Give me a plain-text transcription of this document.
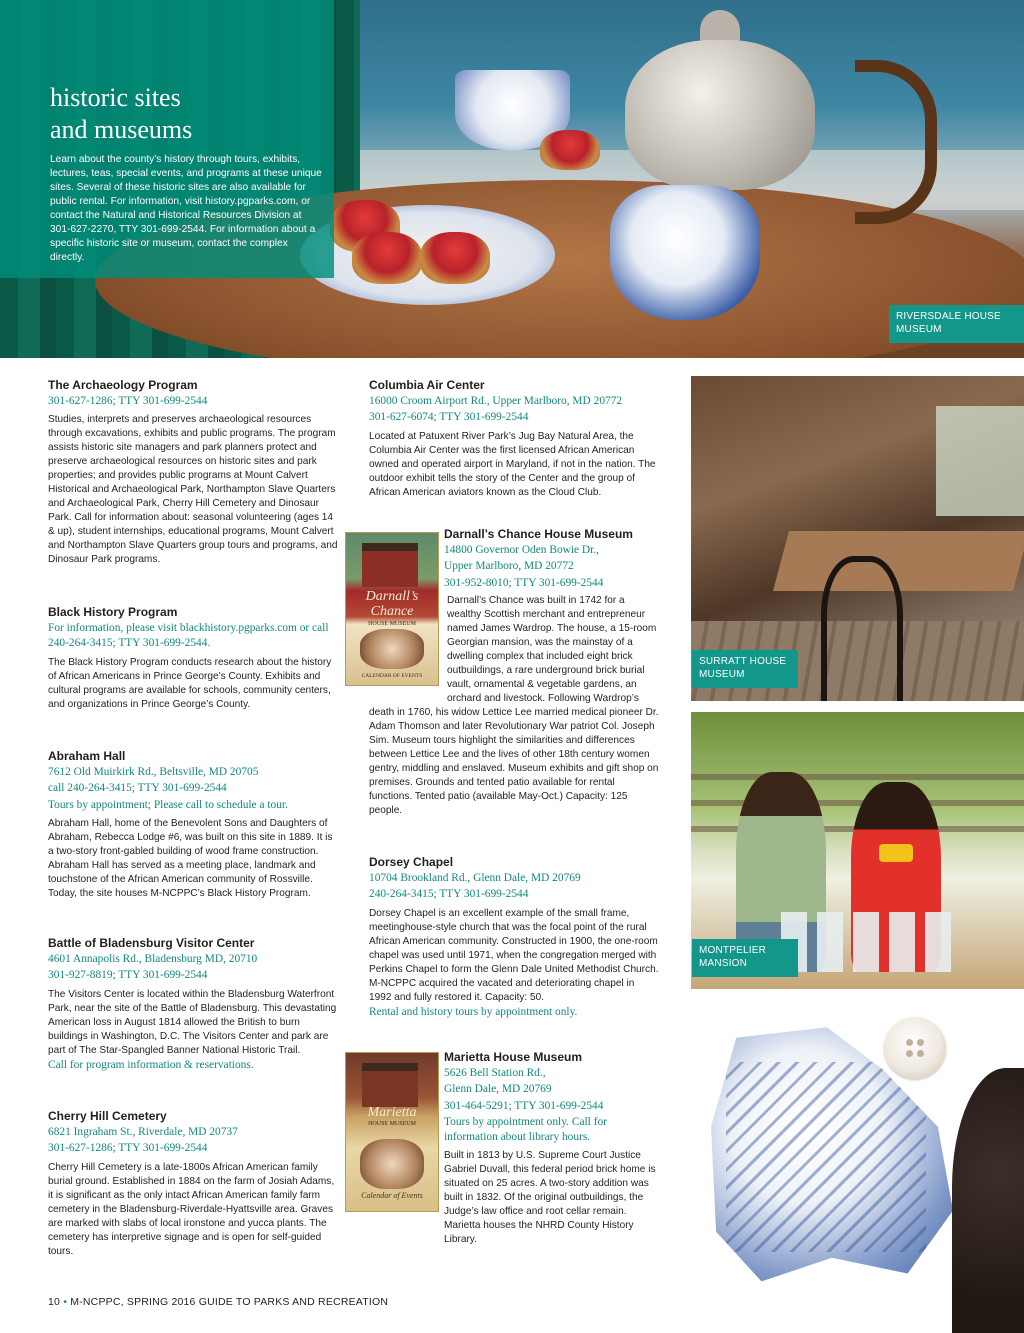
historic sites
and museums

Learn about the county’s history through tours, exhibits, lectures, teas, special events, and programs at these unique sites. Several of these historic sites are also available for public rental. For information, visit history.pgparks.com, or contact the Natural and Historical Resources Division at 301-627-2270, TTY 301-699-2544. For information about a specific historic site or museum, contact the complex directly.

RIVERSDALE HOUSE
MUSEUM
The Archaeology Program
301-627-1286; TTY 301-699-2544
Studies, interprets and preserves archaeological resources through excavations, exhibits and public programs. The program assists historic site managers and park planners protect and preserve archaeological resources on historic sites and park properties; and provides public programs at Mount Calvert Historical and Archaeological Park, Northampton Slave Quarters and Archaeological Park, Cherry Hill Cemetery and Dinosaur Park. Call for information about: seasonal volunteering (ages 14 & up), student internships, educational programs, Mount Calvert and Northampton Slave Quarters group tours and programs, and Dinosaur Park programs.
Black History Program
For information, please visit blackhistory.pgparks.com or call 240-264-3415; TTY 301-699-2544.
The Black History Program conducts research about the history of African Americans in Prince George’s County. Exhibits and cultural programs are available for schools, community centers, and organizations in Prince George’s County.
Abraham Hall
7612 Old Muirkirk Rd., Beltsville, MD 20705
call 240-264-3415; TTY 301-699-2544
Tours by appointment; Please call to schedule a tour.
Abraham Hall, home of the Benevolent Sons and Daughters of Abraham, Rebecca Lodge #6, was built on this site in 1889. It is a two-story front-gabled building of wood frame construction. Abraham Hall has served as a meeting place, landmark and touchstone of the African American community of Rossville. Today, the site houses M-NCPPC’s Black History Program.
Battle of Bladensburg Visitor Center
4601 Annapolis Rd., Bladensburg MD, 20710
301-927-8819; TTY 301-699-2544
The Visitors Center is located within the Bladensburg Waterfront Park, near the site of the Battle of Bladensburg. This devastating American loss in August 1814 allowed the British to burn buildings in Washington, D.C. The Visitors Center and park are part of The Star-Spangled Banner National Historic Trail.
Call for program information & reservations.
Cherry Hill Cemetery
6821 Ingraham St., Riverdale, MD 20737
301-627-1286; TTY 301-699-2544
Cherry Hill Cemetery is a late-1800s African American family burial ground. Established in 1884 on the farm of Josiah Adams, it is significant as the only intact African American family farm cemetery in the Bladensburg-Riverdale-Hyattsville area. Graves are marked with slabs of local ironstone and yucca plants. The cemetery has interpretive signage and is open for self-guided tours.
Columbia Air Center
16000 Croom Airport Rd., Upper Marlboro, MD 20772
301-627-6074; TTY 301-699-2544
Located at Patuxent River Park’s Jug Bay Natural Area, the Columbia Air Center was the first licensed African American owned and operated airport in Maryland, if not in the nation. The outdoor exhibit tells the story of the Center and the group of African American aviators known as the Cloud Club.
Darnall’s
Chance
HOUSE MUSEUM
CALENDAR OF EVENTS
Darnall’s Chance House Museum
14800 Governor Oden Bowie Dr.,
Upper Marlboro, MD 20772
301-952-8010; TTY 301-699-2544
Darnall’s Chance was built in 1742 for a wealthy Scottish merchant and entrepreneur named James Wardrop. The house, a 15-room Georgian mansion, was the mainstay of a dwelling complex that included eight brick outbuildings, a rare underground brick burial vault, ornamental & vegetable gardens, an orchard and livestock. Following Wardrop’s death in 1760, his widow Lettice Lee married medical pioneer Dr. Adam Thomson and later Revolutionary War patriot Col. Joseph Sim. Museum tours highlight the similarities and differences between Lettice Lee and the lives of other 18th century women gentry, middling and enslaved. Museum exhibits and gift shop on premises. Grounds and tented patio available for rental functions. Tented patio (available May-Oct.) Capacity: 125 people.
Dorsey Chapel
10704 Brookland Rd., Glenn Dale, MD 20769
240-264-3415; TTY 301-699-2544
Dorsey Chapel is an excellent example of the small frame, meetinghouse-style church that was the focal point of the rural African American community. Constructed in 1900, the one-room chapel was used until 1971, when the congregation merged with Perkins Chapel to form the Glenn Dale United Methodist Church. M-NCPPC acquired the vacated and deteriorating chapel in 1992 and fully restored it. Capacity: 50.
Rental and history tours by appointment only.
Marietta
HOUSE MUSEUM
Calendar of Events
Marietta House Museum
5626 Bell Station Rd.,
Glenn Dale, MD 20769
301-464-5291; TTY 301-699-2544
Tours by appointment only. Call for information about library hours.
Built in 1813 by U.S. Supreme Court Justice Gabriel Duvall, this federal period brick home is situated on 25 acres. A two-story addition was built in 1832. Of the original outbuildings, the Judge’s law office and root cellar remain. Marietta houses the NHRD County History Library.
SURRATT HOUSE
MUSEUM
MONTPELIER
MANSION
10 • M-NCPPC, SPRING 2016 GUIDE TO PARKS AND RECREATION
